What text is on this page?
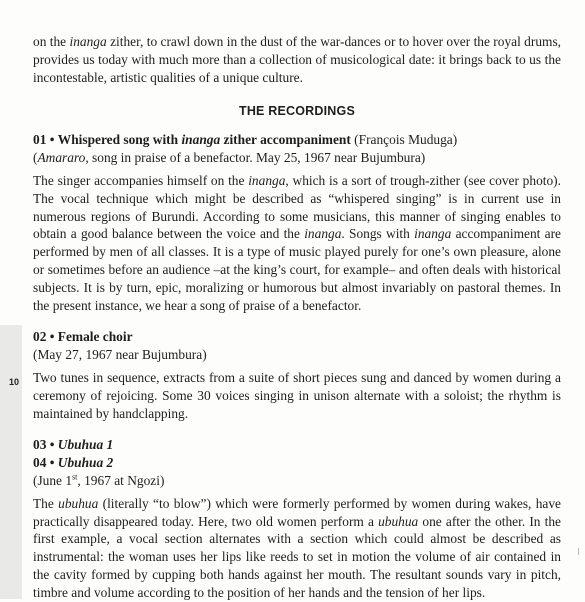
10

on the inanga zither, to crawl down in the dust of the war-dances or to hover over the royal drums, provides us today with much more than a collection of musicological date: it brings back to us the incontestable, artistic qualities of a unique culture.

THE RECORDINGS
01 • Whispered song with inanga zither accompaniment (François Muduga)
(Amararo, song in praise of a benefactor. May 25, 1967 near Bujumbura)

The singer accompanies himself on the inanga, which is a sort of trough-zither (see cover photo). The vocal technique which might be described as “whispered singing” is in current use in numerous regions of Burundi. According to some musicians, this manner of singing enables to obtain a good balance between the voice and the inanga. Songs with inanga accompaniment are performed by men of all classes. It is a type of music played purely for one’s own pleasure, alone or sometimes before an audience –at the king’s court, for example– and often deals with historical subjects. It is by turn, epic, moralizing or humorous but almost invariably on pastoral themes. In the present instance, we hear a song of praise of a benefactor.

02 • Female choir
(May 27, 1967 near Bujumbura)

Two tunes in sequence, extracts from a suite of short pieces sung and danced by women during a ceremony of rejoicing. Some 30 voices singing in unison alternate with a soloist; the rhythm is maintained by handclapping.

03 • Ubuhua 1
04 • Ubuhua 2
(June 1st, 1967 at Ngozi)

The ubuhua (literally “to blow”) which were formerly performed by women during wakes, have practically disappeared today. Here, two old women perform a ubuhua one after the other. In the first example, a vocal section alternates with a section which could almost be described as instrumental: the woman uses her lips like reeds to set in motion the volume of air contained in the cavity formed by cupping both hands against her mouth. The resultant sounds vary in pitch, timbre and volume according to the position of her hands and the tension of her lips.
